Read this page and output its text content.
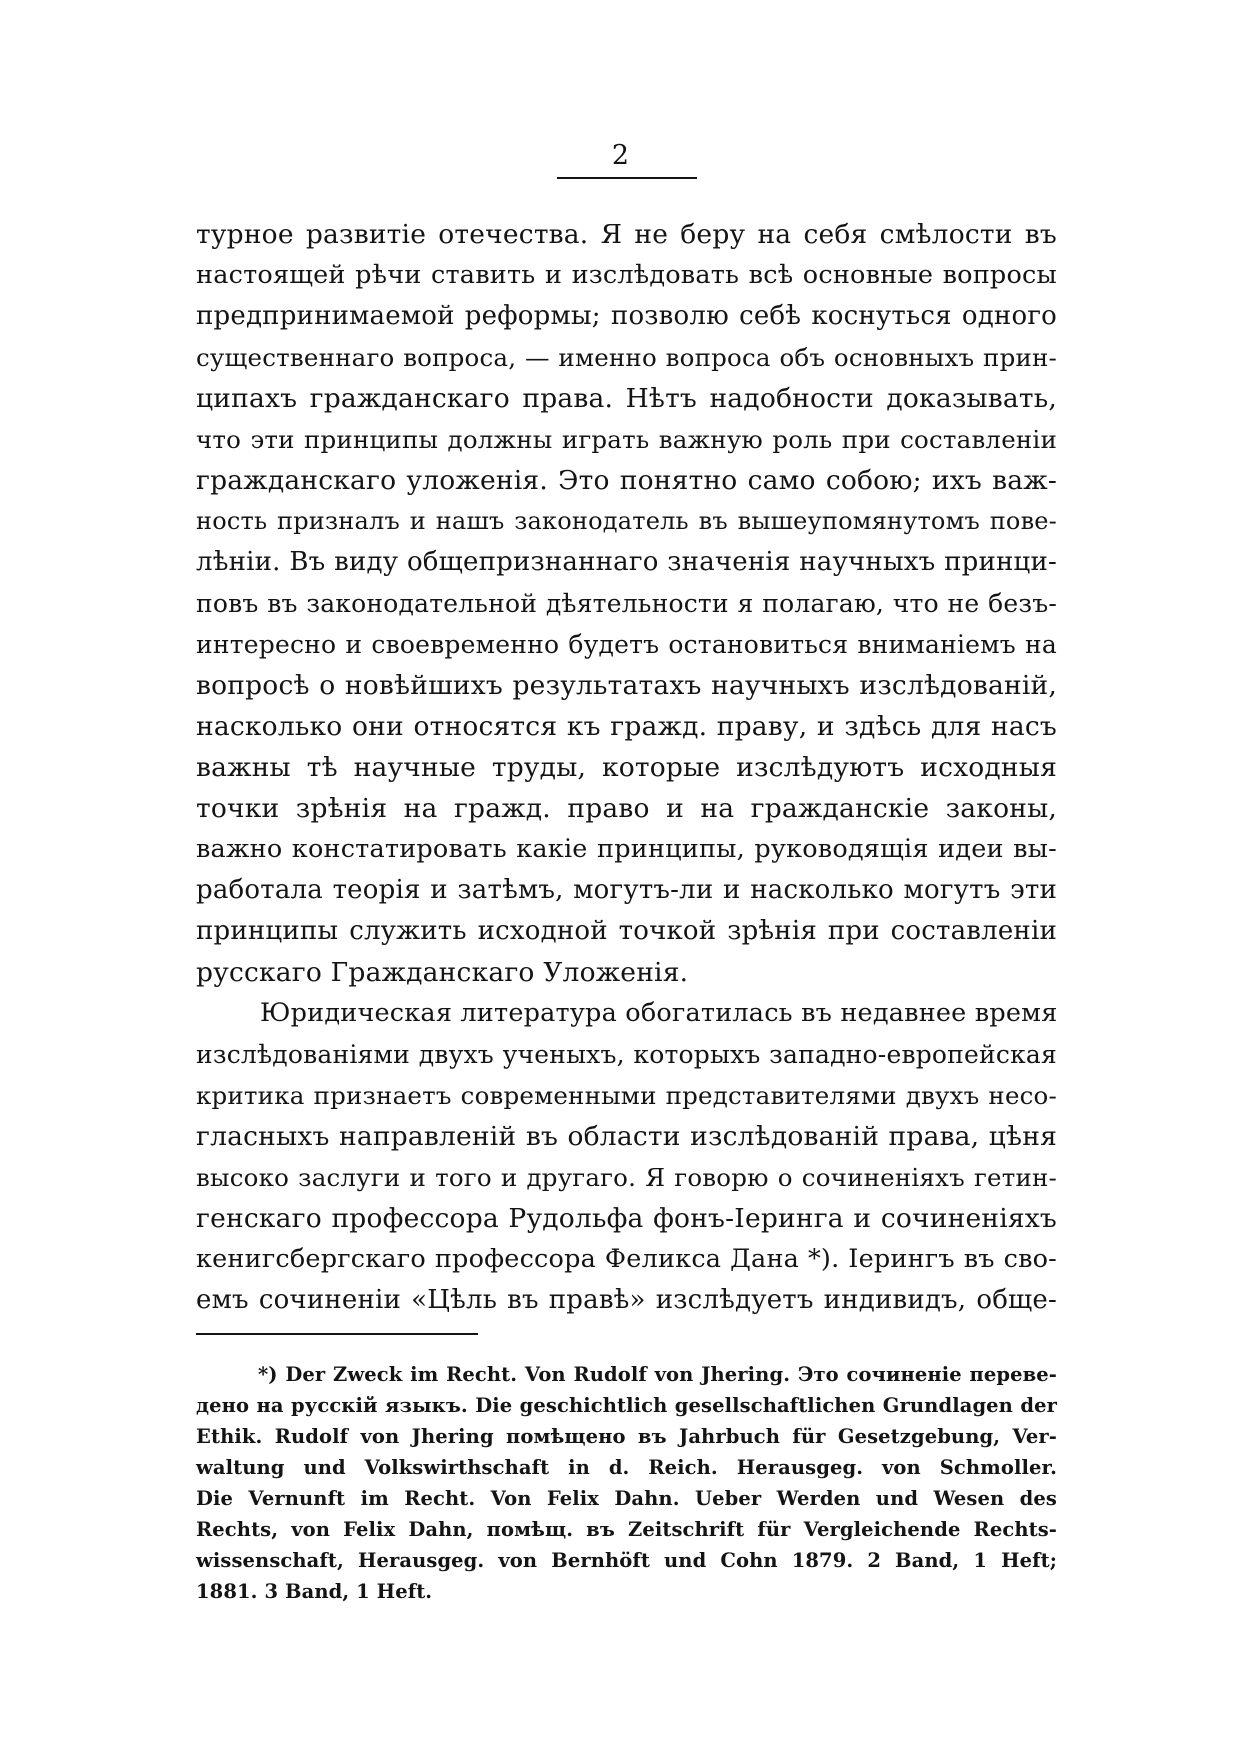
2
турное развитіе отечества. Я не беру на себя смѣлости въ
настоящей рѣчи ставить и изслѣдовать всѣ основные вопросы
предпринимаемой реформы; позволю себѣ коснуться одного
существеннаго вопроса, — именно вопроса объ основныхъ прин-
ципахъ гражданскаго права. Нѣтъ надобности доказывать,
что эти принципы должны играть важную роль при составленіи
гражданскаго уложенія. Это понятно само собою; ихъ важ-
ность призналъ и нашъ законодатель въ вышеупомянутомъ пове-
лѣніи. Въ виду общепризнаннаго значенія научныхъ принци-
повъ въ законодательной дѣятельности я полагаю, что не безъ-
интересно и своевременно будетъ остановиться вниманіемъ на
вопросѣ о новѣйшихъ результатахъ научныхъ изслѣдованій,
насколько они относятся къ гражд. праву, и здѣсь для насъ
важны тѣ научные труды, которые изслѣдуютъ исходныя
точки зрѣнія на гражд. право и на гражданскіе законы,
важно констатировать какіе принципы, руководящія идеи вы-
работала теорія и затѣмъ, могутъ-ли и насколько могутъ эти
принципы служить исходной точкой зрѣнія при составленіи
русскаго Гражданскаго Уложенія.
Юридическая литература обогатилась въ недавнее время
изслѣдованіями двухъ ученыхъ, которыхъ западно-европейская
критика признаетъ современными представителями двухъ несо-
гласныхъ направленій въ области изслѣдованій права, цѣня
высоко заслуги и того и другаго. Я говорю о сочиненіяхъ гетин-
генскаго профессора Рудольфа фонъ-Іеринга и сочиненіяхъ
кенигсбергскаго профессора Феликса Дана *). Іерингъ въ сво-
емъ сочиненіи «Цѣль въ правѣ» изслѣдуетъ индивидъ, обще-
*) Der Zweck im Recht. Von Rudolf von Jhering. Это сочиненіе переве-
дено на русскій языкъ. Die geschichtlich gesellschaftlichen Grundlagen der
Ethik. Rudolf von Jhering помѣщено въ Jahrbuch für Gesetzgebung, Ver-
waltung und Volkswirthschaft in d. Reich. Herausgeg. von Schmoller.
Die Vernunft im Recht. Von Felix Dahn. Ueber Werden und Wesen des
Rechts, von Felix Dahn, помѣщ. въ Zeitschrift für Vergleichende Rechts-
wissenschaft, Herausgeg. von Bernhöft und Cohn 1879. 2 Band, 1 Heft;
1881. 3 Band, 1 Heft.
